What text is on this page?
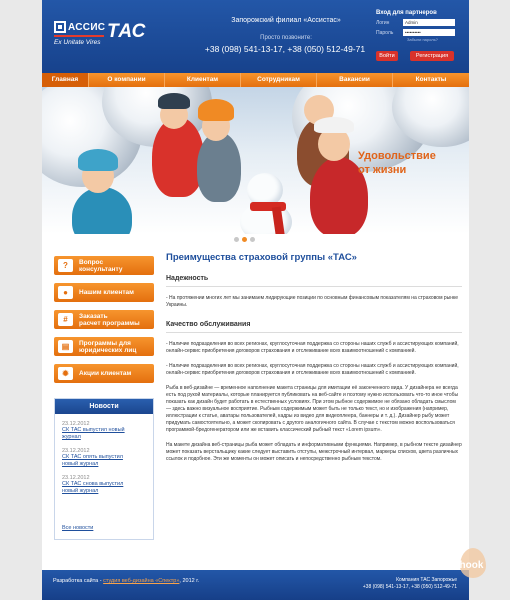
АССИС ТАС
Ex Unitate Vires
Запорожский филиал «Ассистас»
Просто позвоните:
+38 (098) 541-13-17, +38 (050) 512-49-71
Вход для партнеров
Логин
Admin
Пароль
••••••••••
Забыли пароль?
Войти	Регистрация
Главная	О компании	Клиентам	Сотрудникам	Вакансии	Контакты
Удовольствие
от жизни
?	Вопрос
консультанту
●	Нашим клиентам
#	Заказать
расчет программы
▤	Программы для
юридических лиц
✹	Акции клиентам
Новости
23.12.2012
СК ТАС выпустил новый
журнал
23.12.2012
СК ТАС опять выпустил
новый журнал
23.12.2012
СК ТАС снова выпустил
новый журнал
Все новости
Преимущества страховой группы «ТАС»
Надежность
- На протяжении многих лет мы занимаем лидирующие позиции по основным финансовым показателям на страховом рынке Украины.
Качество обслуживания
- Наличие подразделения во всех регионах, круглосуточная поддержка со стороны наших служб и ассистирующих компаний, онлайн-сервис приобретения договоров страхования и отслеживание всех взаимоотношений с компанией.
- Наличие подразделения во всех регионах, круглосуточная поддержка со стороны наших служб и ассистирующих компаний, онлайн-сервис приобретения договоров страхования и отслеживание всех взаимоотношений с компанией.
Рыба в веб-дизайне — временное наполнение макета страницы для имитации её законченного вида. У дизайнера не всегда есть под рукой материалы, которые планируется публиковать на веб-сайте и поэтому нужно использовать что-то иное чтобы показать как дизайн будет работать в естественных условиях. При этом рыбное содержимое не обязано обладать смыслом — здесь важно визуальное восприятие. Рыбным содержимым может быть не только текст, но и изображения (например, иллюстрации к статье, аватары пользователей, кадры из видео для видеоплеера, баннеры и т. д.). Дизайнер рыбу может придумать самостоятельно, а может скопировать с другого аналогичного сайта. В случае с текстом можно воспользоваться программой-бредогенератором или же вставить классический рыбный текст «Lorem ipsum».
На макете дизайна веб-страницы рыба может обладать и информативными функциями. Например, в рыбном тексте дизайнер может показать верстальщику какие следует выставить отступы, межстрочный интервал, маркеры списков, цвета различных ссылок и подобное. Эти же моменты он может описать и непосредственно рыбным текстом.
Разработка сайта - студия веб-дизайна «Спектр», 2012 г.	Компания ТАС Запорожье
+38 (098) 541-13-17, +38 (050) 512-49-71
shook
